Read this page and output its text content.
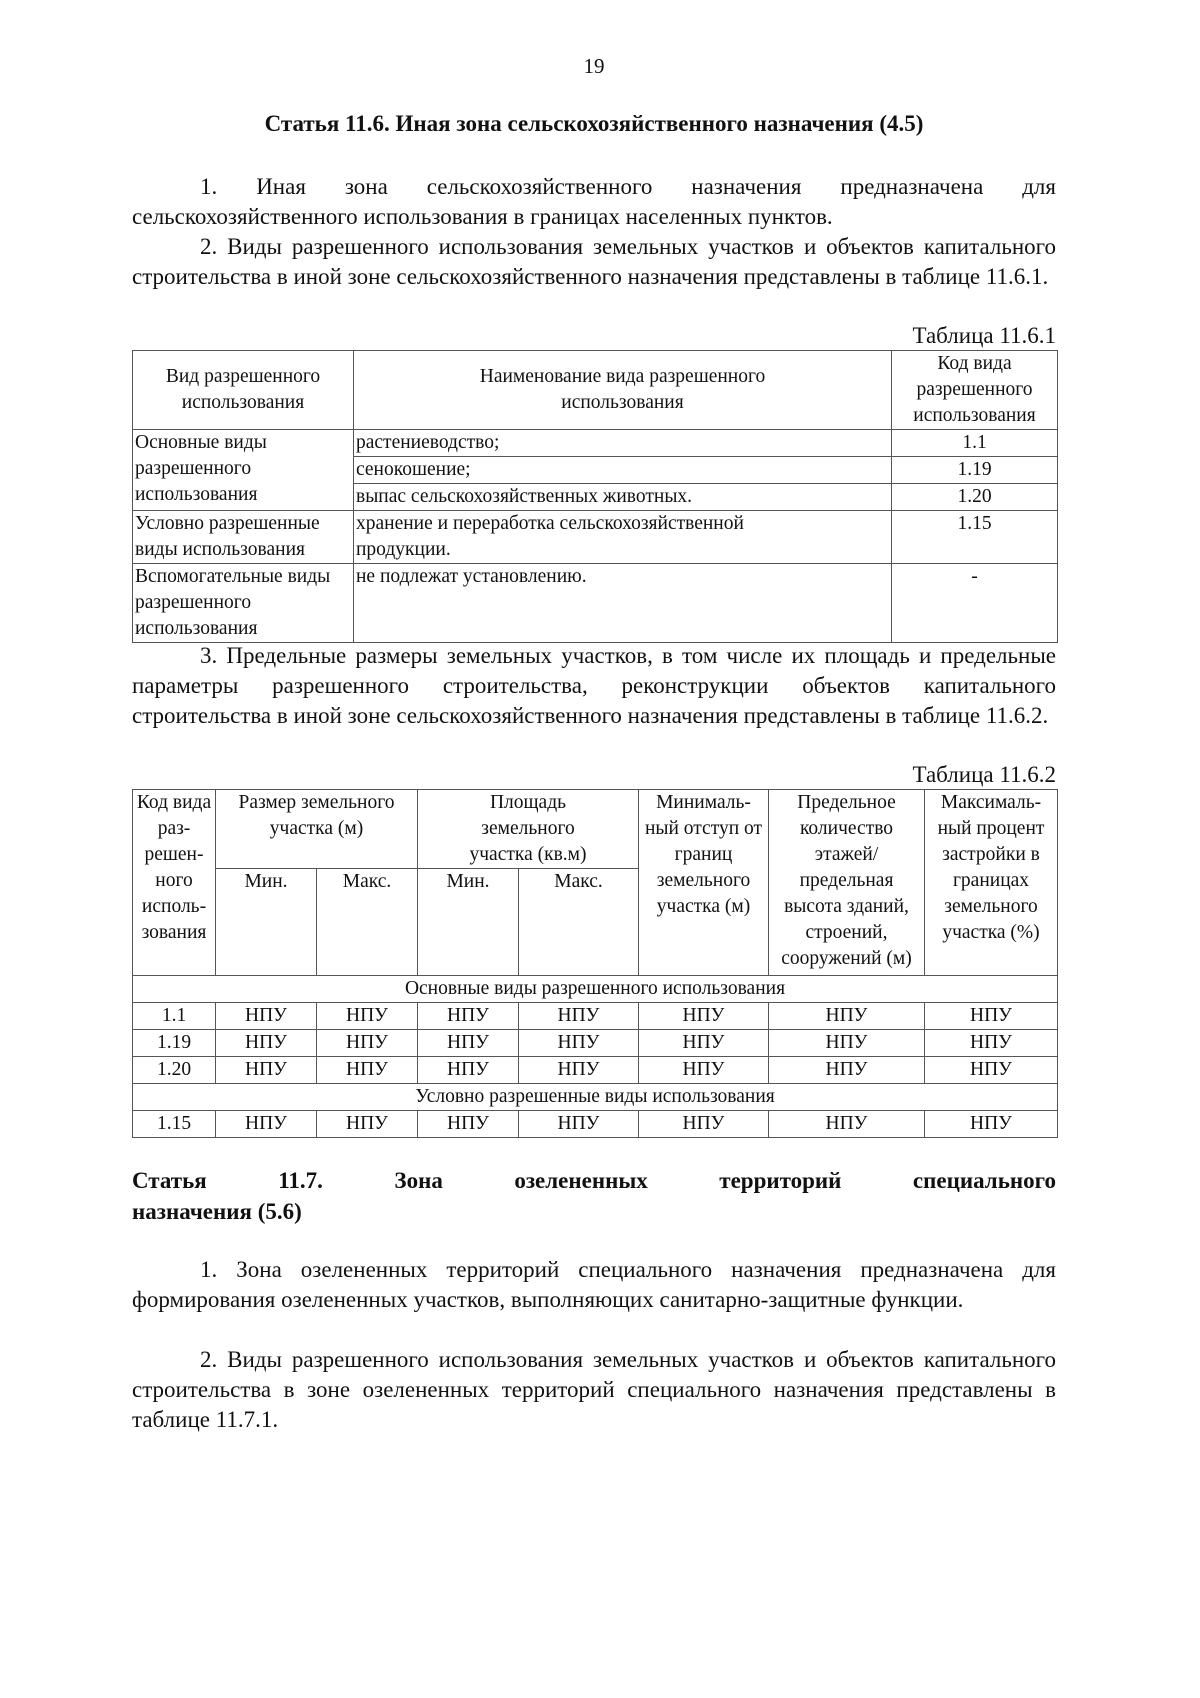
19
Статья 11.6. Иная зона сельскохозяйственного назначения (4.5)
1. Иная зона сельскохозяйственного назначения предназначена для сельскохозяйственного использования в границах населенных пунктов.
2. Виды разрешенного использования земельных участков и объектов капитального строительства в иной зоне сельскохозяйственного назначения представлены в таблице 11.6.1.
Таблица 11.6.1
Вид разрешенного использования	Наименование вида разрешенного использования	Код вида разрешенного использования
Основные виды разрешенного использования	растениеводство;	1.1
	сенокошение;	1.19
	выпас сельскохозяйственных животных.	1.20
Условно разрешенные виды использования	хранение и переработка сельскохозяйственной продукции.	1.15
Вспомогательные виды разрешенного использования	не подлежат установлению.	-
3. Предельные размеры земельных участков, в том числе их площадь и предельные параметры разрешенного строительства, реконструкции объектов капитального строительства в иной зоне сельскохозяйственного назначения представлены в таблице 11.6.2.
Таблица 11.6.2
Код вида раз-решен-ного исполь-зования	Размер земельного участка (м)		Площадь земельного участка (кв.м)		Минималь-ный отступ от границ земельного участка (м)	Предельное количество этажей/ предельная высота зданий, строений, сооружений (м)	Максималь-ный процент застройки в границах земельного участка (%)
	Мин.	Макс.	Мин.	Макс.			
Основные виды разрешенного использования							
1.1	НПУ	НПУ	НПУ	НПУ	НПУ	НПУ	НПУ
1.19	НПУ	НПУ	НПУ	НПУ	НПУ	НПУ	НПУ
1.20	НПУ	НПУ	НПУ	НПУ	НПУ	НПУ	НПУ
Условно разрешенные виды использования							
1.15	НПУ	НПУ	НПУ	НПУ	НПУ	НПУ	НПУ
Статья 11.7. Зона озелененных территорий специального
назначения (5.6)
1. Зона озелененных территорий специального назначения предназначена для формирования озелененных участков, выполняющих санитарно-защитные функции.
2. Виды разрешенного использования земельных участков и объектов капитального строительства в зоне озелененных территорий специального назначения представлены в таблице 11.7.1.
